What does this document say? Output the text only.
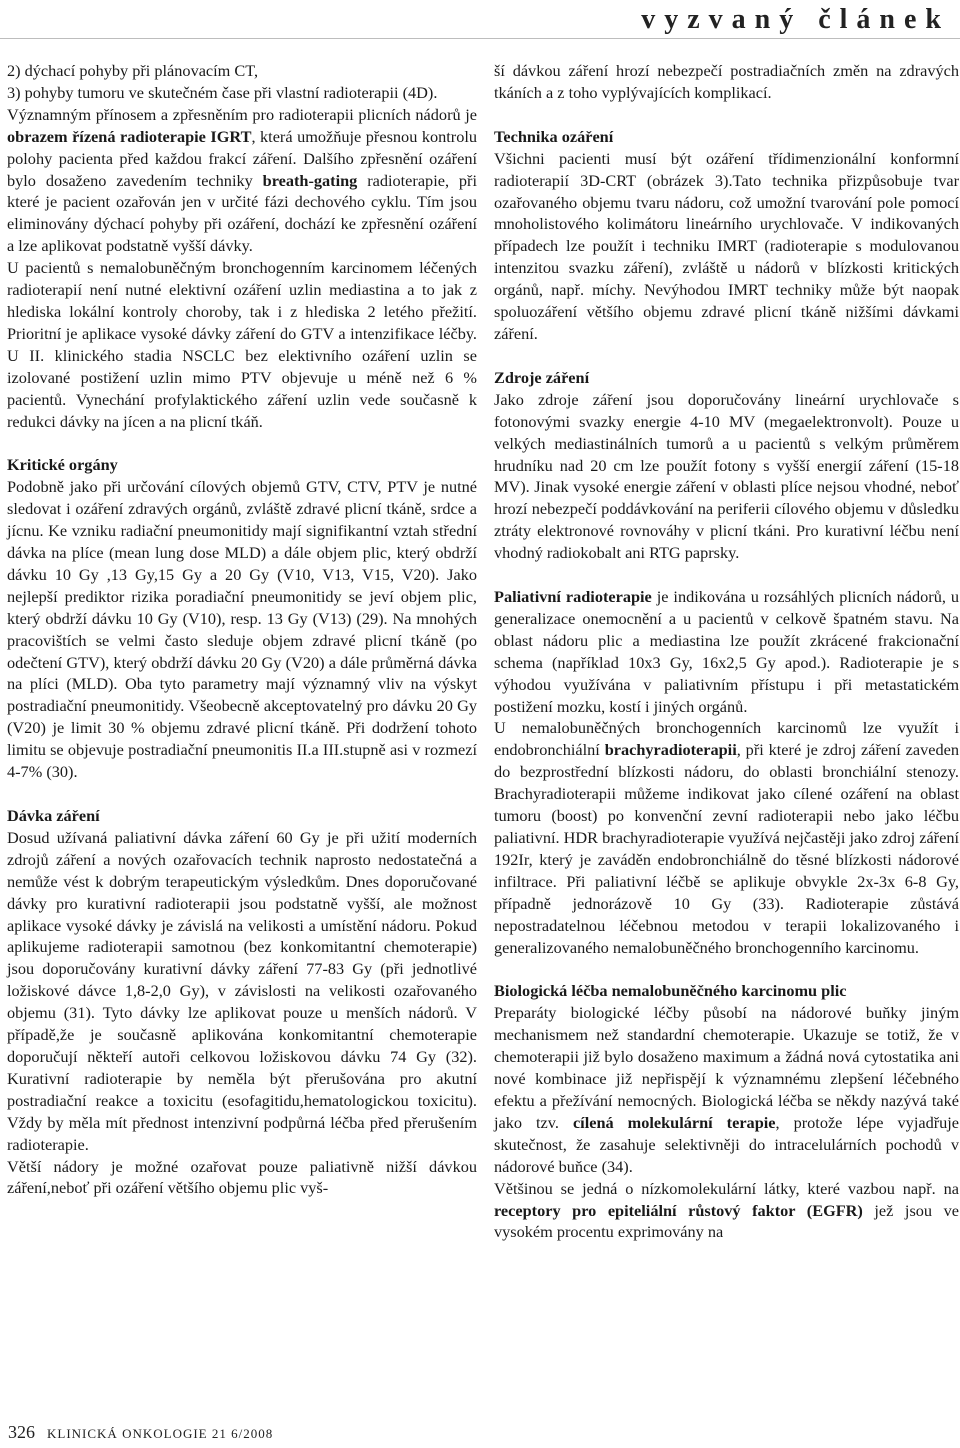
vyzvaný článek

2) dýchací pohyby při plánovacím CT,

3) pohyby tumoru ve skutečném čase při vlastní radioterapii (4D).

Významným přínosem a zpřesněním pro radioterapii plicních nádorů je obrazem řízená radioterapie IGRT, která umožňuje přesnou kontrolu polohy pacienta před každou frakcí záření. Dalšího zpřesnění ozáření bylo dosaženo zavedením techniky breath-gating radioterapie, při které je pacient ozařován jen v určité fázi dechového cyklu. Tím jsou eliminovány dýchací pohyby při ozáření, dochází ke zpřesnění ozáření a lze aplikovat podstatně vyšší dávky.

U pacientů s nemalobuněčným bronchogenním karcinomem léčených radioterapií není nutné elektivní ozáření uzlin mediastina a to jak z hlediska lokální kontroly choroby, tak i z hlediska 2 letého přežití. Prioritní je aplikace vysoké dávky záření do GTV a intenzifikace léčby. U II. klinického stadia NSCLC bez elektivního ozáření uzlin se izolované postižení uzlin mimo PTV objevuje u méně než 6 % pacientů. Vynechání profylaktického záření uzlin vede současně k redukci dávky na jícen a na plicní tkáň.

Kritické orgány

Podobně jako při určování cílových objemů GTV, CTV, PTV je nutné sledovat i ozáření zdravých orgánů, zvláště zdravé plicní tkáně, srdce a jícnu. Ke vzniku radiační pneumonitidy mají signifikantní vztah střední dávka na plíce (mean lung dose MLD) a dále objem plic, který obdrží dávku 10 Gy ,13 Gy,15 Gy a 20 Gy (V10, V13, V15, V20). Jako nejlepší prediktor rizika poradiační pneumonitidy se jeví objem plic, který obdrží dávku 10 Gy (V10), resp. 13 Gy (V13) (29). Na mnohých pracovištích se velmi často sleduje objem zdravé plicní tkáně (po odečtení GTV), který obdrží dávku 20 Gy (V20) a dále průměrná dávka na plíci (MLD). Oba tyto parametry mají významný vliv na výskyt postradiační pneumonitidy. Všeobecně akceptovatelný pro dávku 20 Gy (V20) je limit 30 % objemu zdravé plicní tkáně. Při dodržení tohoto limitu se objevuje postradiační pneumonitis II.a III.stupně asi v rozmezí 4-7% (30).

Dávka záření

Dosud užívaná paliativní dávka záření 60 Gy je při užití moderních zdrojů záření a nových ozařovacích technik naprosto nedostatečná a nemůže vést k dobrým terapeutickým výsledkům. Dnes doporučované dávky pro kurativní radioterapii jsou podstatně vyšší, ale možnost aplikace vysoké dávky je závislá na velikosti a umístění nádoru. Pokud aplikujeme radioterapii samotnou (bez konkomitantní chemoterapie) jsou doporučovány kurativní dávky záření 77-83 Gy (při jednotlivé ložiskové dávce 1,8-2,0 Gy), v závislosti na velikosti ozařovaného objemu (31). Tyto dávky lze aplikovat pouze u menších nádorů. V případě,že je současně aplikována konkomitantní chemoterapie doporučují někteří autoři celkovou ložiskovou dávku 74 Gy (32). Kurativní radioterapie by neměla být přerušována pro akutní postradiační reakce a toxicitu (esofagitidu,hematologickou toxicitu). Vždy by měla mít přednost intenzivní podpůrná léčba před přerušením radioterapie.

Větší nádory je možné ozařovat pouze paliativně nižší dávkou záření,neboť při ozáření většího objemu plic vyš-

ší dávkou záření hrozí nebezpečí postradiačních změn na zdravých tkáních a z toho vyplývajících komplikací.

Technika ozáření

Všichni pacienti musí být ozáření třídimenzionální konformní radioterapií 3D-CRT (obrázek 3).Tato technika přizpůsobuje tvar ozařovaného objemu tvaru nádoru, což umožní tvarování pole pomocí mnoholistového kolimátoru lineárního urychlovače. V indikovaných případech lze použít i techniku IMRT (radioterapie s modulovanou intenzitou svazku záření), zvláště u nádorů v blízkosti kritických orgánů, např. míchy. Nevýhodou IMRT techniky může být naopak spoluozáření většího objemu zdravé plicní tkáně nižšími dávkami záření.

Zdroje záření

Jako zdroje záření jsou doporučovány lineární urychlovače s fotonovými svazky energie 4-10 MV (megaelektronvolt). Pouze u velkých mediastinálních tumorů a u pacientů s velkým průměrem hrudníku nad 20 cm lze použít fotony s vyšší energií záření (15-18 MV). Jinak vysoké energie záření v oblasti plíce nejsou vhodné, neboť hrozí nebezpečí poddávkování na periferii cílového objemu v důsledku ztráty elektronové rovnováhy v plicní tkáni. Pro kurativní léčbu není vhodný radiokobalt ani RTG paprsky.

Paliativní radioterapie je indikována u rozsáhlých plicních nádorů, u generalizace onemocnění a u pacientů v celkově špatném stavu. Na oblast nádoru plic a mediastina lze použít zkrácené frakcionační schema (například 10x3 Gy, 16x2,5 Gy apod.). Radioterapie je s výhodou využívána v paliativním přístupu i při metastatickém postižení mozku, kostí i jiných orgánů.

U nemalobuněčných bronchogenních karcinomů lze využít i endobronchiální brachyradioterapii, při které je zdroj záření zaveden do bezprostřední blízkosti nádoru, do oblasti bronchiální stenozy. Brachyradioterapii můžeme indikovat jako cílené ozáření na oblast tumoru (boost) po konvenční zevní radioterapii nebo jako léčbu paliativní. HDR brachyradioterapie využívá nejčastěji jako zdroj záření 192Ir, který je zaváděn endobronchiálně do těsné blízkosti nádorové infiltrace. Při paliativní léčbě se aplikuje obvykle 2x-3x 6-8 Gy, případně jednorázově 10 Gy (33). Radioterapie zůstává nepostradatelnou léčebnou metodou v terapii lokalizovaného i generalizovaného nemalobuněčného bronchogenního karcinomu.

Biologická léčba nemalobuněčného karcinomu plic

Preparáty biologické léčby působí na nádorové buňky jiným mechanismem než standardní chemoterapie. Ukazuje se totiž, že v chemoterapii již bylo dosaženo maximum a žádná nová cytostatika ani nové kombinace již nepřispějí k významnému zlepšení léčebného efektu a přežívání nemocných. Biologická léčba se někdy nazývá také jako tzv. cílená molekulární terapie, protože lépe vyjadřuje skutečnost, že zasahuje selektivněji do intracelulárních pochodů v nádorové buňce (34).

Většinou se jedná o nízkomolekulární látky, které vazbou např. na receptory pro epiteliální růstový faktor (EGFR) jež jsou ve vysokém procentu exprimovány na

326 KLINICKÁ ONKOLOGIE 21 6/2008
